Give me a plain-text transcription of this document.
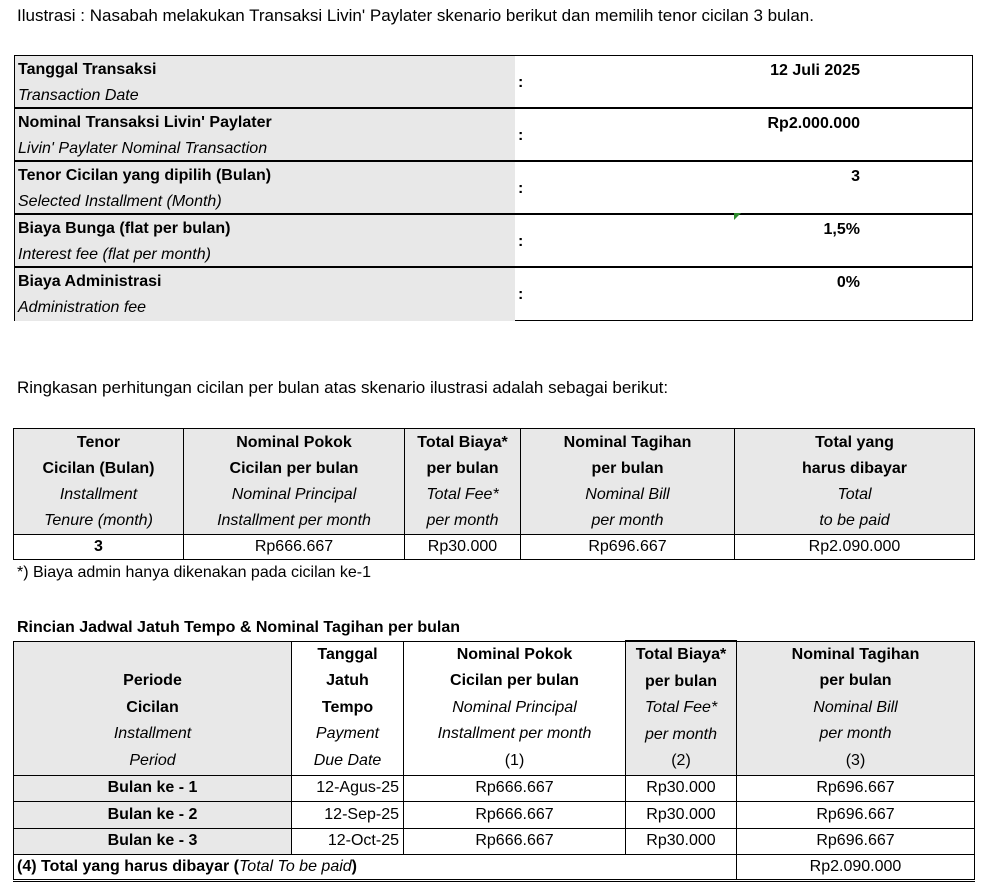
Ilustrasi : Nasabah melakukan Transaksi Livin' Paylater skenario berikut dan memilih tenor cicilan 3 bulan.
Tanggal Transaksi
Transaction Date
:
12 Juli 2025
Nominal Transaksi Livin' Paylater
Livin' Paylater Nominal Transaction
:
Rp2.000.000
Tenor Cicilan yang dipilih (Bulan)
Selected Installment (Month)
:
3
Biaya Bunga (flat per bulan)
Interest fee (flat per month)
:
1,5%
Biaya Administrasi
Administration fee
:
0%
Ringkasan perhitungan cicilan per bulan atas skenario ilustrasi adalah sebagai berikut:
Tenor
Cicilan (Bulan)
Installment
Tenure (month)	Nominal Pokok
Cicilan per bulan
Nominal Principal
Installment per month	Total Biaya*
per bulan
Total Fee*
per month	Nominal Tagihan
per bulan
Nominal Bill
per month	Total yang
harus dibayar
Total
to be paid

3	Rp666.667	Rp30.000	Rp696.667	Rp2.090.000
*) Biaya admin hanya dikenakan pada cicilan ke-1
Rincian Jadwal Jatuh Tempo & Nominal Tagihan per bulan
Periode
Cicilan
Installment
Period	Tanggal
Jatuh
Tempo
Payment
Due Date	Nominal Pokok
Cicilan per bulan
Nominal Principal
Installment per month
(1)	Total Biaya*
per bulan
Total Fee*
per month
(2)	Nominal Tagihan
per bulan
Nominal Bill
per month
(3)

Bulan ke - 1	12-Agus-25	Rp666.667	Rp30.000	Rp696.667
Bulan ke - 2	12-Sep-25	Rp666.667	Rp30.000	Rp696.667
Bulan ke - 3	12-Oct-25	Rp666.667	Rp30.000	Rp696.667
(4) Total yang harus dibayar (Total To be paid)				Rp2.090.000
